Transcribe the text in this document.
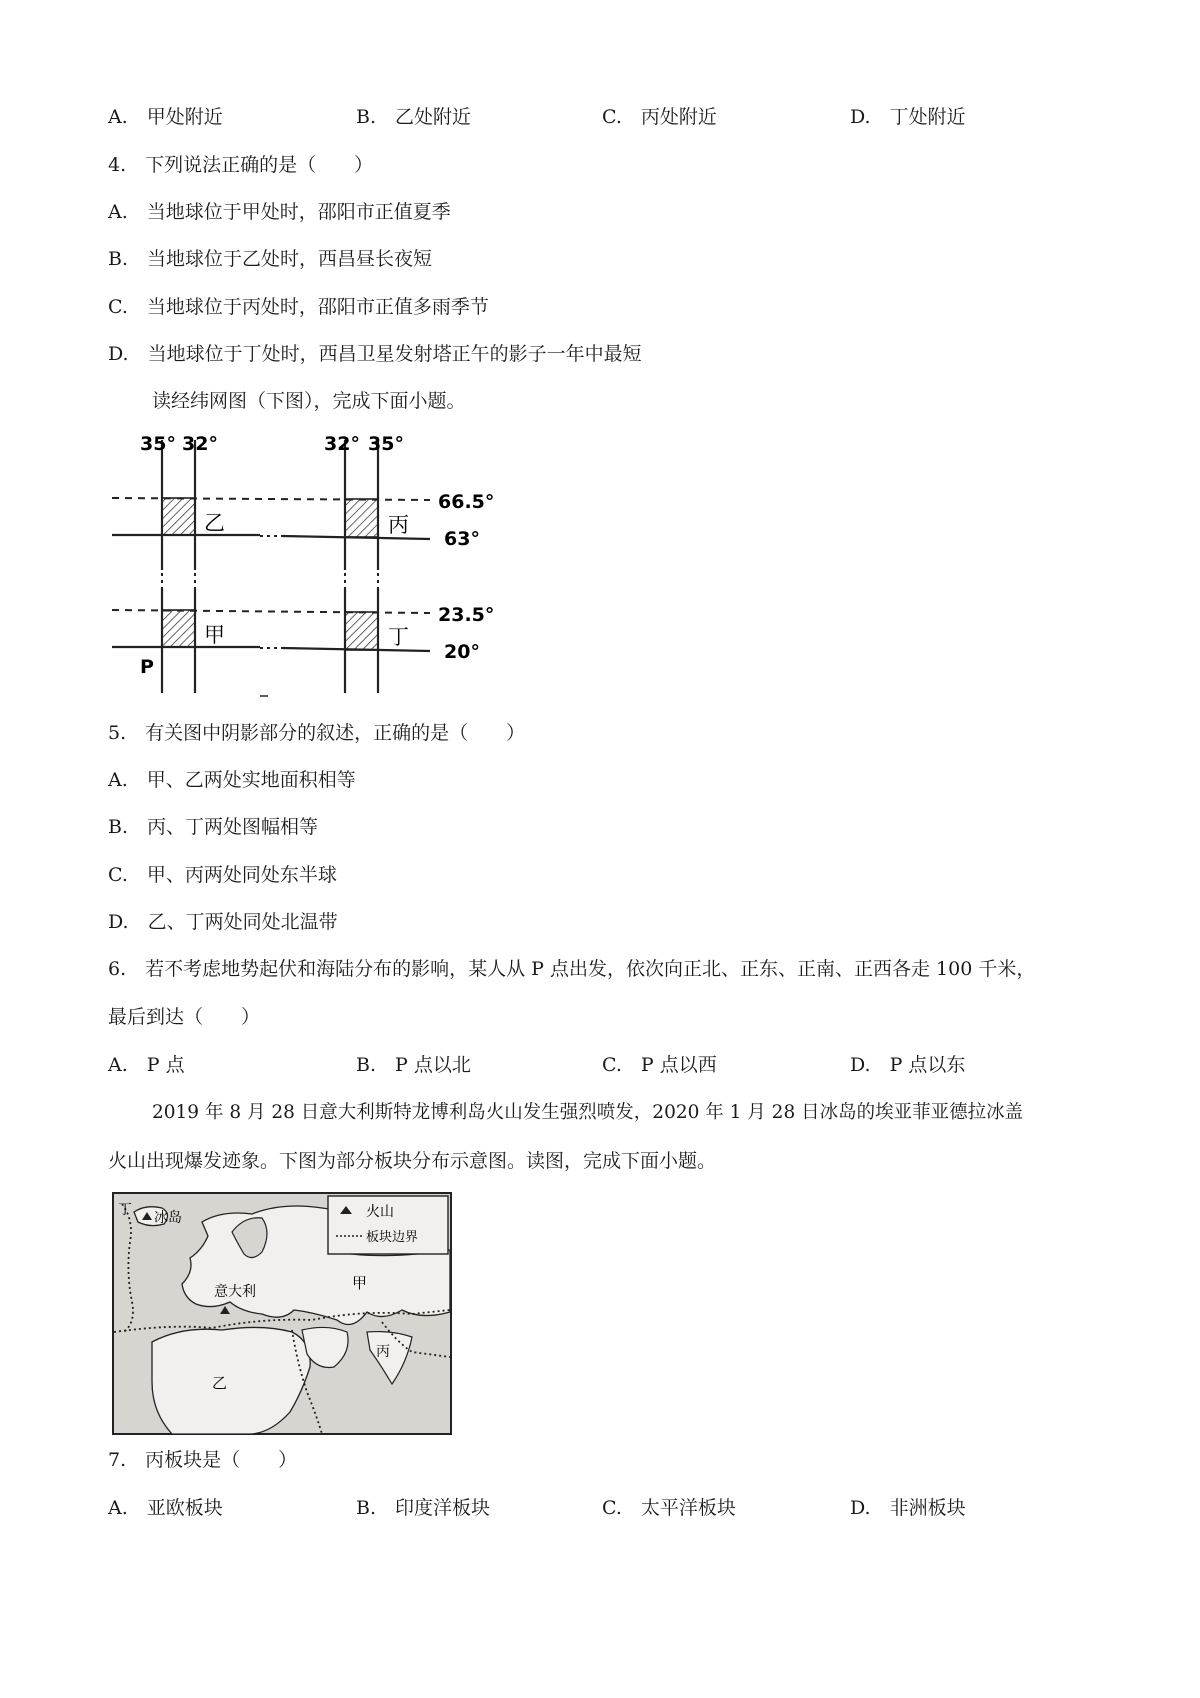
A.　甲处附近	B.　乙处附近	C.　丙处附近	D.　丁处附近
4.　下列说法正确的是（　　）
A.　当地球位于甲处时，邵阳市正值夏季
B.　当地球位于乙处时，西昌昼长夜短
C.　当地球位于丙处时，邵阳市正值多雨季节
D.　当地球位于丁处时，西昌卫星发射塔正午的影子一年中最短
读经纬网图（下图），完成下面小题。
35° 32°	32° 35°
66.5°
63°
23.5°
20°
乙	丙
甲	丁
P
5.　有关图中阴影部分的叙述，正确的是（　　）
A.　甲、乙两处实地面积相等
B.　丙、丁两处图幅相等
C.　甲、丙两处同处东半球
D.　乙、丁两处同处北温带
6.　若不考虑地势起伏和海陆分布的影响，某人从 P 点出发，依次向正北、正东、正南、正西各走 100 千米，
最后到达（　　）
A.　P 点	B.　P 点以北	C.　P 点以西	D.　P 点以东
2019 年 8 月 28 日意大利斯特龙博利岛火山发生强烈喷发，2020 年 1 月 28 日冰岛的埃亚菲亚德拉冰盖
火山出现爆发迹象。下图为部分板块分布示意图。读图，完成下面小题。
火山
板块边界
丁 冰岛
意大利	甲
乙
丙
7.　丙板块是（　　）
A.　亚欧板块	B.　印度洋板块	C.　太平洋板块	D.　非洲板块
